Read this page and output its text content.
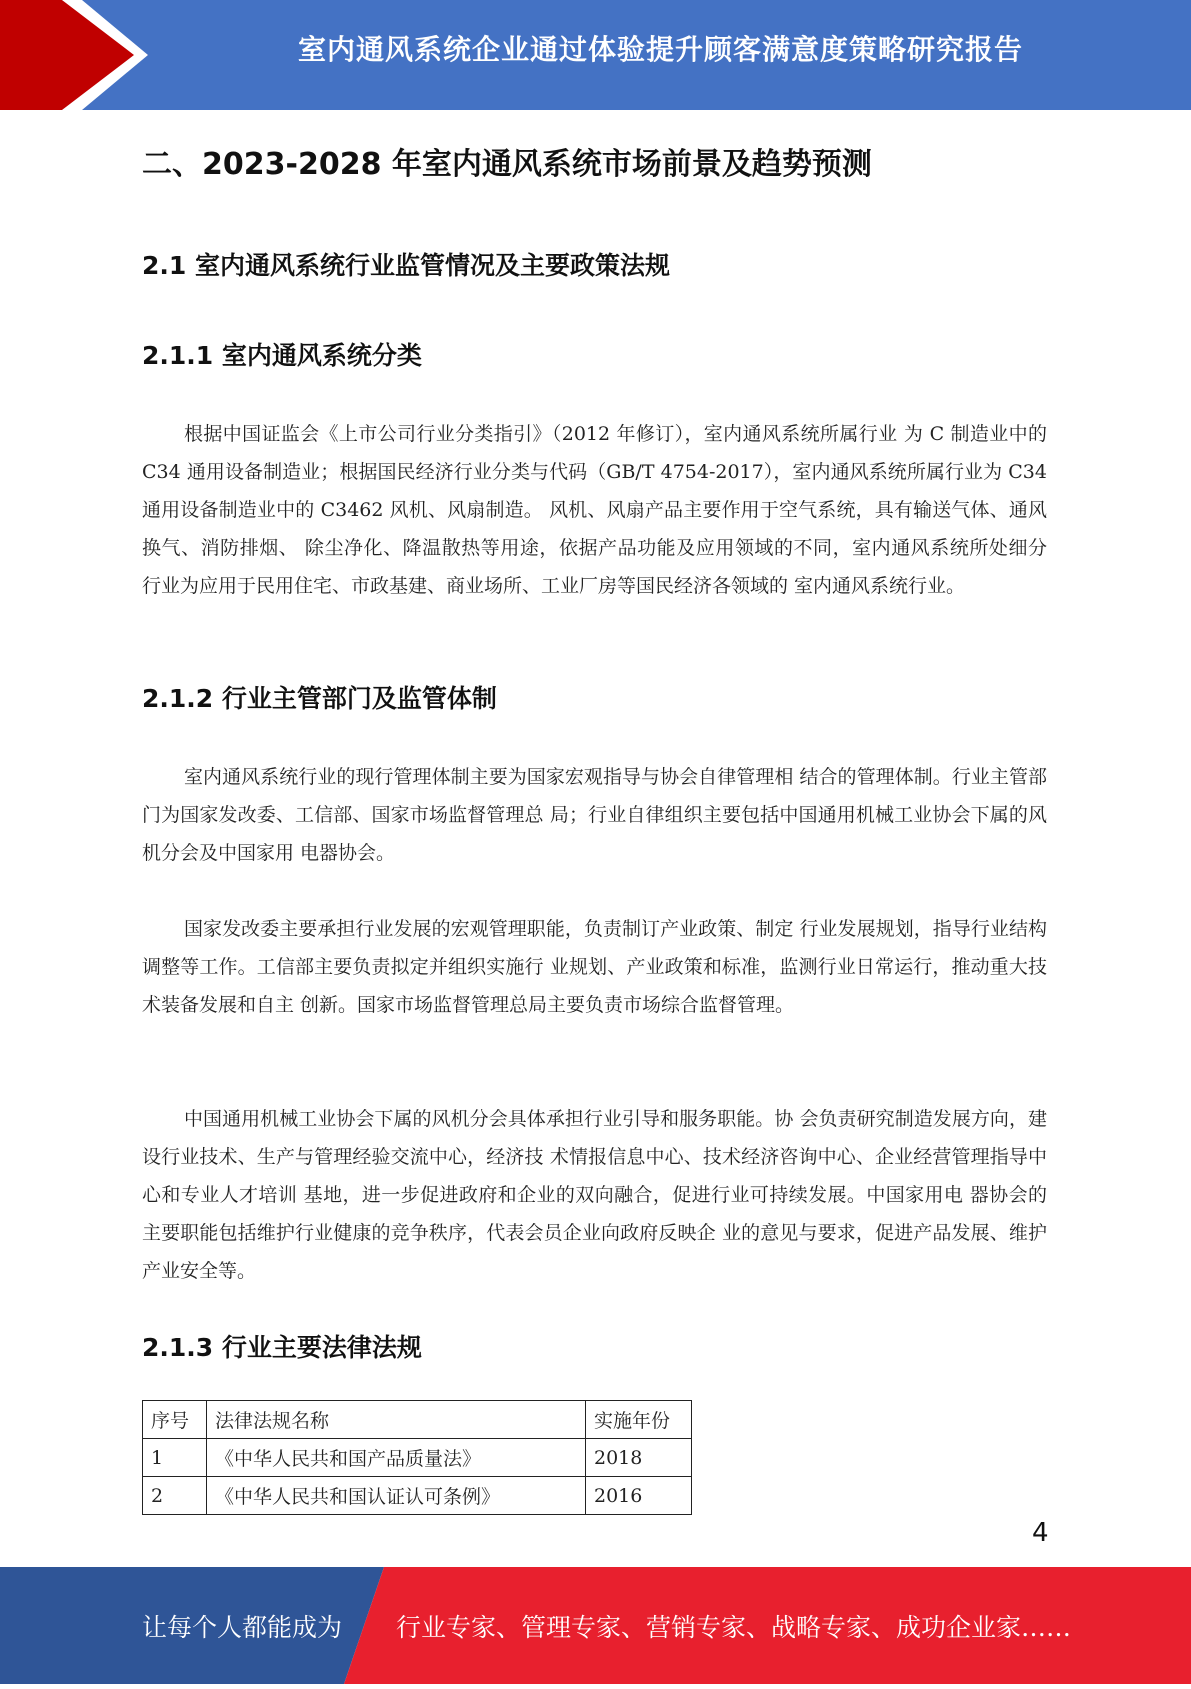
室内通风系统企业通过体验提升顾客满意度策略研究报告
二、2023-2028 年室内通风系统市场前景及趋势预测
2.1 室内通风系统行业监管情况及主要政策法规
2.1.1 室内通风系统分类

根据中国证监会《上市公司行业分类指引》（2012 年修订），室内通风系统所属行业 为 C 制造业中的 C34 通用设备制造业；根据国民经济行业分类与代码（GB/T 4754-2017），室内通风系统所属行业为 C34 通用设备制造业中的 C3462 风机、风扇制造。 风机、风扇产品主要作用于空气系统，具有输送气体、通风换气、消防排烟、 除尘净化、降温散热等用途，依据产品功能及应用领域的不同，室内通风系统所处细分 行业为应用于民用住宅、市政基建、商业场所、工业厂房等国民经济各领域的 室内通风系统行业。

2.1.2 行业主管部门及监管体制

室内通风系统行业的现行管理体制主要为国家宏观指导与协会自律管理相 结合的管理体制。行业主管部门为国家发改委、工信部、国家市场监督管理总 局；行业自律组织主要包括中国通用机械工业协会下属的风机分会及中国家用 电器协会。

国家发改委主要承担行业发展的宏观管理职能，负责制订产业政策、制定 行业发展规划，指导行业结构调整等工作。工信部主要负责拟定并组织实施行 业规划、产业政策和标准，监测行业日常运行，推动重大技术装备发展和自主 创新。国家市场监督管理总局主要负责市场综合监督管理。

中国通用机械工业协会下属的风机分会具体承担行业引导和服务职能。协 会负责研究制造发展方向，建设行业技术、生产与管理经验交流中心，经济技 术情报信息中心、技术经济咨询中心、企业经营管理指导中心和专业人才培训 基地，进一步促进政府和企业的双向融合，促进行业可持续发展。中国家用电 器协会的主要职能包括维护行业健康的竞争秩序，代表会员企业向政府反映企 业的意见与要求，促进产品发展、维护产业安全等。

2.1.3 行业主要法律法规
序号	法律法规名称	实施年份
1	《中华人民共和国产品质量法》	2018
2	《中华人民共和国认证认可条例》	2016
4
让每个人都能成为 行业专家、管理专家、营销专家、战略专家、成功企业家……
